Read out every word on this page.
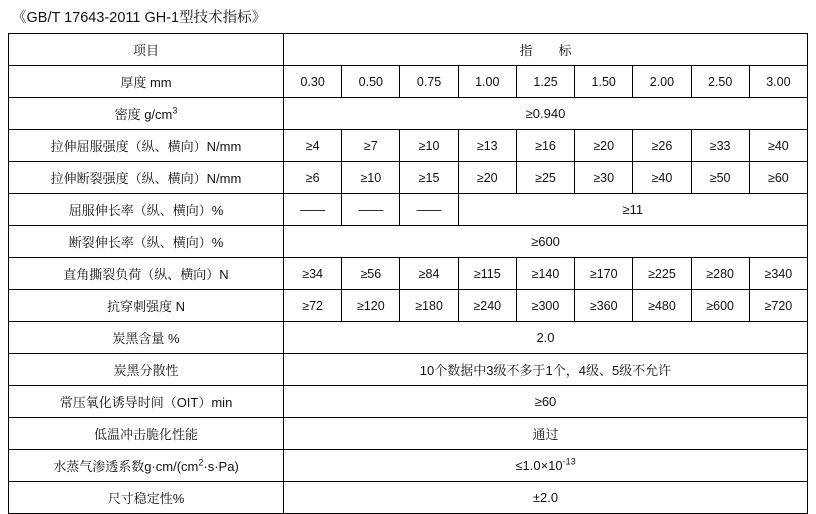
《GB/T 17643-2011 GH-1型技术指标》
项目	指　　标								
厚度 mm	0.30	0.50	0.75	1.00	1.25	1.50	2.00	2.50	3.00
密度 $g/cm^3$	≥0.940								
拉伸屈服强度（纵、横向）N/mm	≥4	≥7	≥10	≥13	≥16	≥20	≥26	≥33	≥40
拉伸断裂强度（纵、横向）N/mm	≥6	≥10	≥15	≥20	≥25	≥30	≥40	≥50	≥60
屈服伸长率（纵、横向）%	——	——	——	≥11					
断裂伸长率（纵、横向）%	≥600								
直角撕裂负荷（纵、横向）N	≥34	≥56	≥84	≥115	≥140	≥170	≥225	≥280	≥340
抗穿刺强度 N	≥72	≥120	≥180	≥240	≥300	≥360	≥480	≥600	≥720
炭黑含量 %	2.0								
炭黑分散性	10个数据中3级不多于1个，4级、5级不允许								
常压氧化诱导时间（OIT）min	≥60								
低温冲击脆化性能	通过								
水蒸气渗透系数$g\cdot cm/(cm^2\cdot s\cdot Pa)$	$\le 1.0\times 10^{-13}$
尺寸稳定性%	±2.0								
